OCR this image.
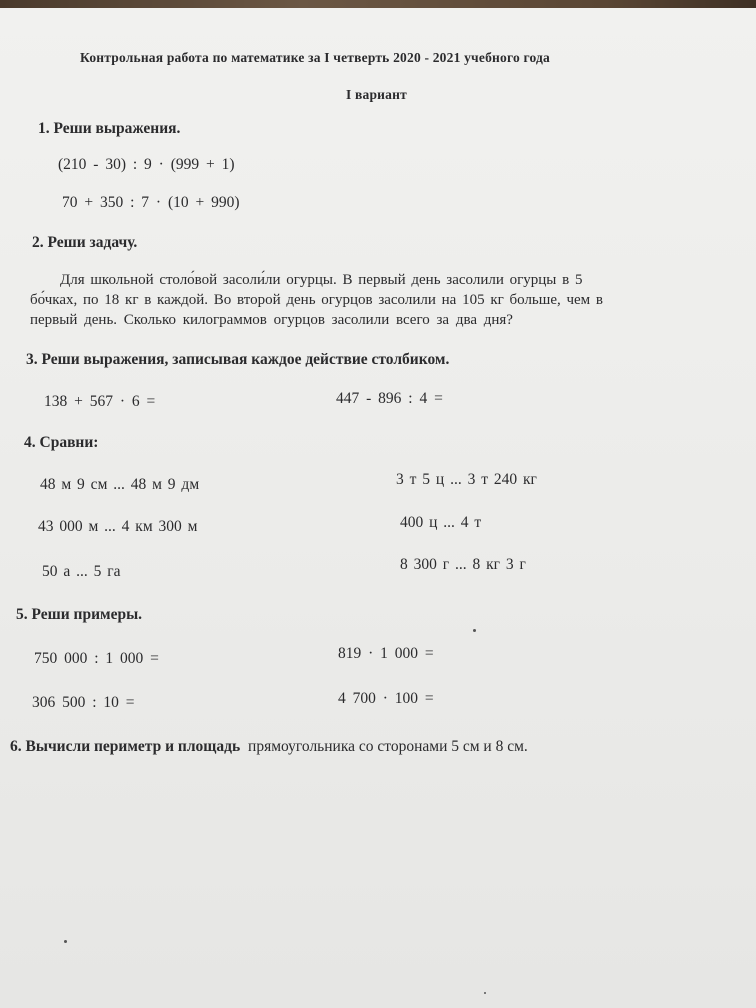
Контрольная работа по математике за I четверть 2020 - 2021 учебного года
I вариант
1. Реши выражения.
(210 - 30) : 9 · (999 + 1)
70 + 350 : 7 · (10 + 990)
2. Реши задачу.
Для школьной столо́вой засоли́ли огурцы. В первый день засолили огурцы в 5
бо́чках, по 18 кг в каждой. Во второй день огурцов засолили на 105 кг больше, чем в
первый день. Сколько килограммов огурцов засолили всего за два дня?
3. Реши выражения, записывая каждое действие столбиком.
138 + 567 · 6 =	447 - 896 : 4 =
4. Сравни:
48 м 9 см ... 48 м 9 дм
43 000 м ... 4 км 300 м
50 а ... 5 га
3 т 5 ц ... 3 т 240 кг
400 ц ... 4 т
8 300 г ... 8 кг 3 г
5. Реши примеры.
750 000 : 1 000 =
306 500 : 10 =
819 · 1 000 =
4 700 · 100 =
6. Вычисли периметр и площадь прямоугольника со сторонами 5 см и 8 см.
